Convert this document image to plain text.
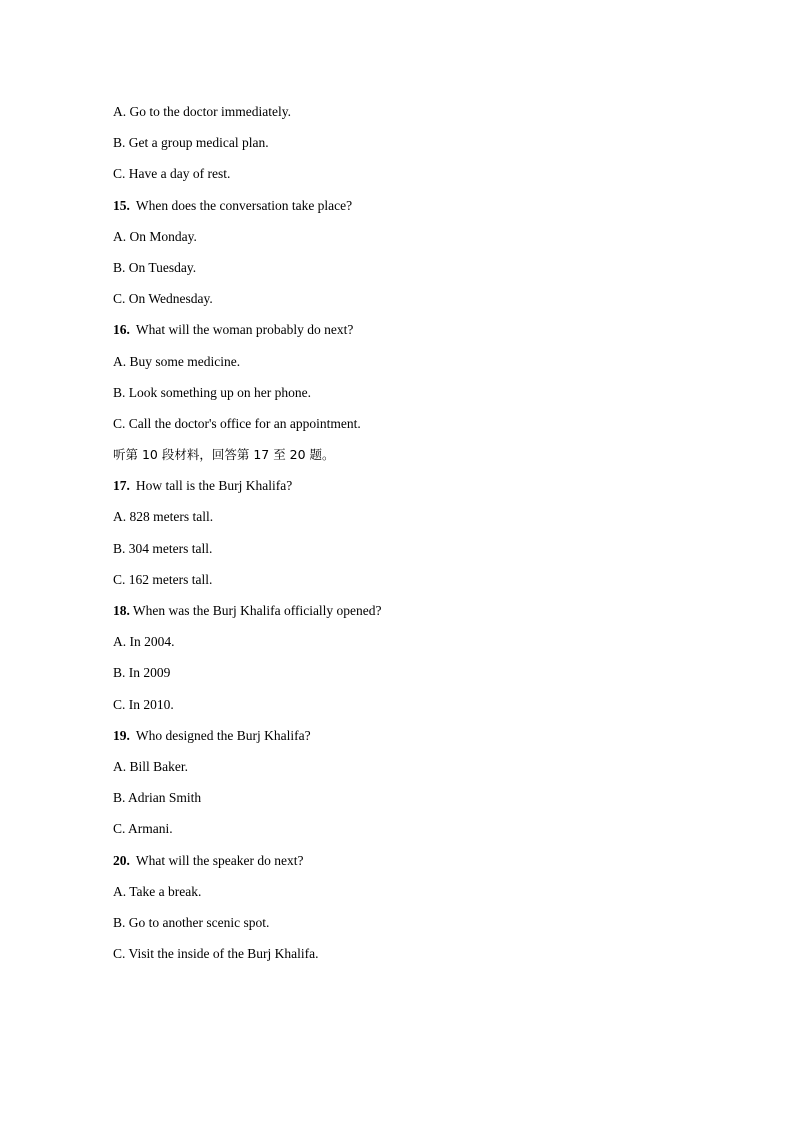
A. Go to the doctor immediately.
B. Get a group medical plan.
C. Have a day of rest.
15. When does the conversation take place?
A. On Monday.
B. On Tuesday.
C. On Wednesday.
16. What will the woman probably do next?
A. Buy some medicine.
B. Look something up on her phone.
C. Call the doctor's office for an appointment.
听第 10 段材料，回答第 17 至 20 题。
17. How tall is the Burj Khalifa?
A. 828 meters tall.
B. 304 meters tall.
C. 162 meters tall.
18. When was the Burj Khalifa officially opened?
A. In 2004.
B. In 2009
C. In 2010.
19. Who designed the Burj Khalifa?
A. Bill Baker.
B. Adrian Smith
C. Armani.
20. What will the speaker do next?
A. Take a break.
B. Go to another scenic spot.
C. Visit the inside of the Burj Khalifa.
